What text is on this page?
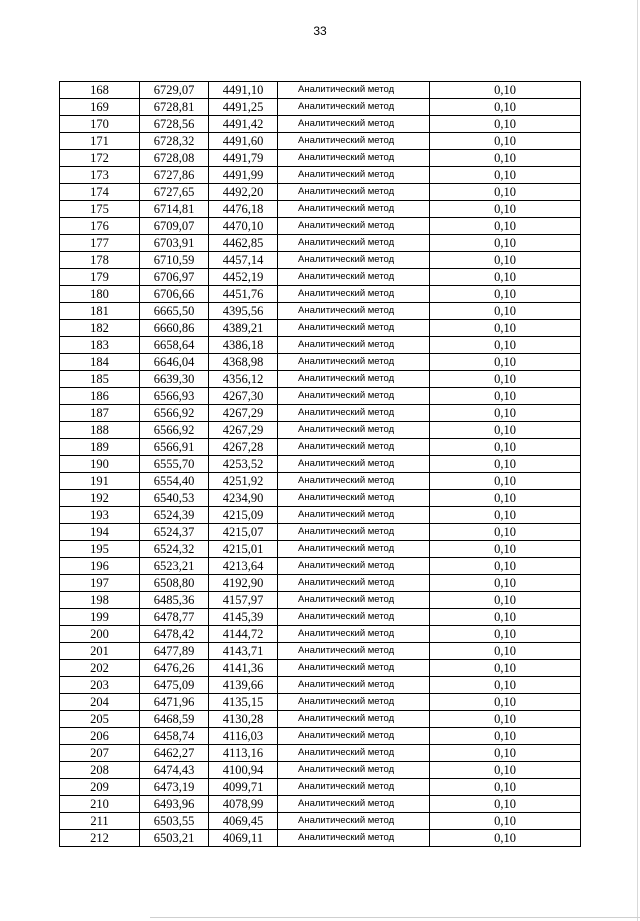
33
168	6729,07	4491,10	Аналитический метод	0,10
169	6728,81	4491,25	Аналитический метод	0,10
170	6728,56	4491,42	Аналитический метод	0,10
171	6728,32	4491,60	Аналитический метод	0,10
172	6728,08	4491,79	Аналитический метод	0,10
173	6727,86	4491,99	Аналитический метод	0,10
174	6727,65	4492,20	Аналитический метод	0,10
175	6714,81	4476,18	Аналитический метод	0,10
176	6709,07	4470,10	Аналитический метод	0,10
177	6703,91	4462,85	Аналитический метод	0,10
178	6710,59	4457,14	Аналитический метод	0,10
179	6706,97	4452,19	Аналитический метод	0,10
180	6706,66	4451,76	Аналитический метод	0,10
181	6665,50	4395,56	Аналитический метод	0,10
182	6660,86	4389,21	Аналитический метод	0,10
183	6658,64	4386,18	Аналитический метод	0,10
184	6646,04	4368,98	Аналитический метод	0,10
185	6639,30	4356,12	Аналитический метод	0,10
186	6566,93	4267,30	Аналитический метод	0,10
187	6566,92	4267,29	Аналитический метод	0,10
188	6566,92	4267,29	Аналитический метод	0,10
189	6566,91	4267,28	Аналитический метод	0,10
190	6555,70	4253,52	Аналитический метод	0,10
191	6554,40	4251,92	Аналитический метод	0,10
192	6540,53	4234,90	Аналитический метод	0,10
193	6524,39	4215,09	Аналитический метод	0,10
194	6524,37	4215,07	Аналитический метод	0,10
195	6524,32	4215,01	Аналитический метод	0,10
196	6523,21	4213,64	Аналитический метод	0,10
197	6508,80	4192,90	Аналитический метод	0,10
198	6485,36	4157,97	Аналитический метод	0,10
199	6478,77	4145,39	Аналитический метод	0,10
200	6478,42	4144,72	Аналитический метод	0,10
201	6477,89	4143,71	Аналитический метод	0,10
202	6476,26	4141,36	Аналитический метод	0,10
203	6475,09	4139,66	Аналитический метод	0,10
204	6471,96	4135,15	Аналитический метод	0,10
205	6468,59	4130,28	Аналитический метод	0,10
206	6458,74	4116,03	Аналитический метод	0,10
207	6462,27	4113,16	Аналитический метод	0,10
208	6474,43	4100,94	Аналитический метод	0,10
209	6473,19	4099,71	Аналитический метод	0,10
210	6493,96	4078,99	Аналитический метод	0,10
211	6503,55	4069,45	Аналитический метод	0,10
212	6503,21	4069,11	Аналитический метод	0,10
